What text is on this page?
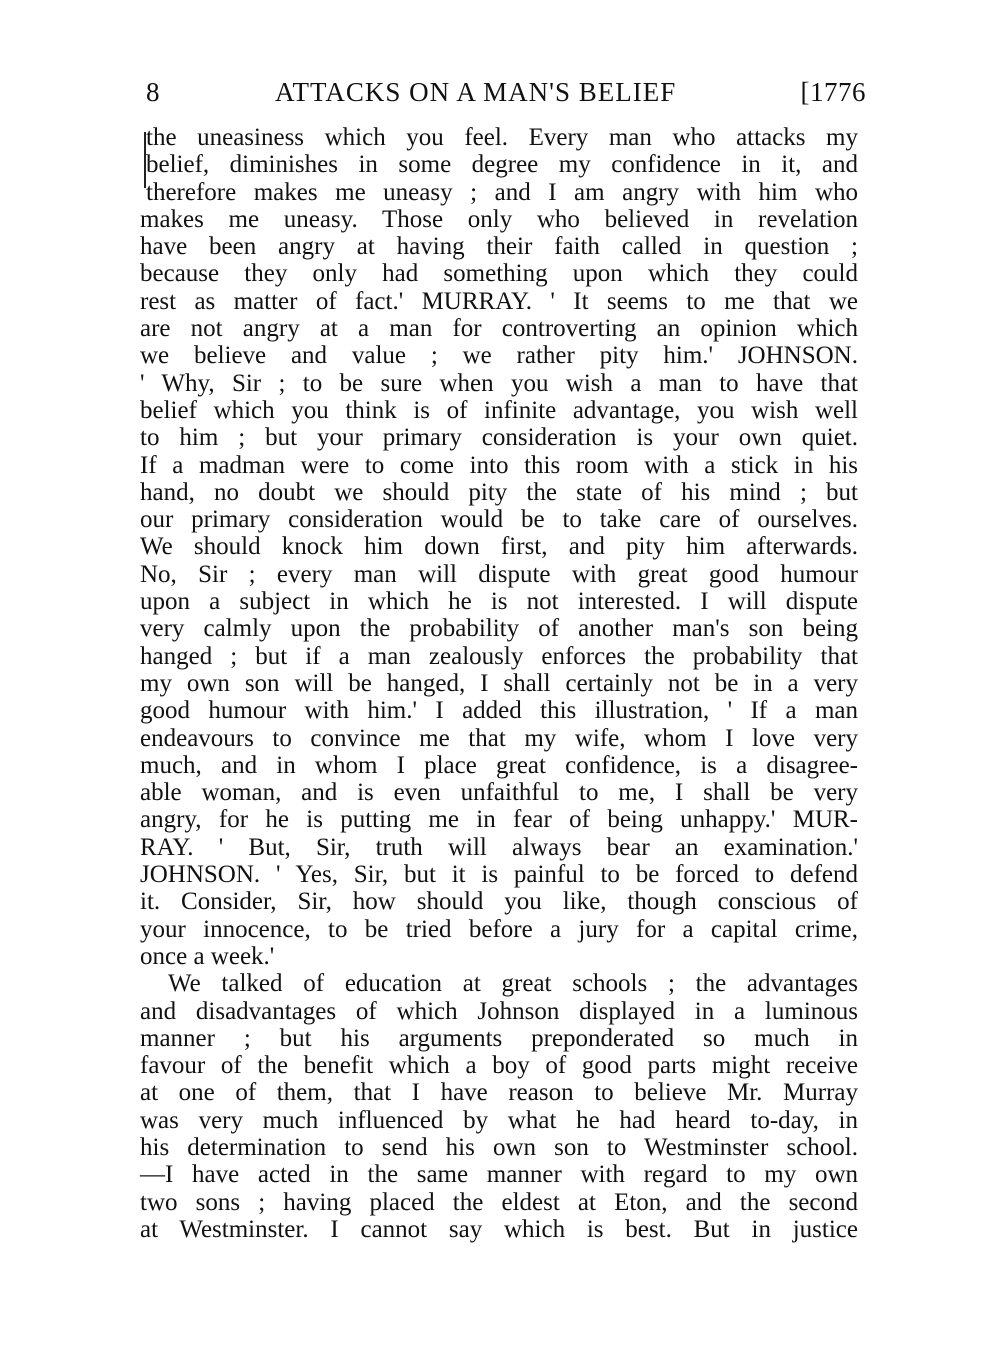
8	ATTACKS ON A MAN'S BELIEF	[1776
the uneasiness which you feel. Every man who attacks my
belief, diminishes in some degree my confidence in it, and
therefore makes me uneasy ; and I am angry with him who
makes me uneasy. Those only who believed in revelation
have been angry at having their faith called in question ;
because they only had something upon which they could
rest as matter of fact.' MURRAY. ' It seems to me that we
are not angry at a man for controverting an opinion which
we believe and value ; we rather pity him.' JOHNSON.
' Why, Sir ; to be sure when you wish a man to have that
belief which you think is of infinite advantage, you wish well
to him ; but your primary consideration is your own quiet.
If a madman were to come into this room with a stick in his
hand, no doubt we should pity the state of his mind ; but
our primary consideration would be to take care of ourselves.
We should knock him down first, and pity him afterwards.
No, Sir ; every man will dispute with great good humour
upon a subject in which he is not interested. I will dispute
very calmly upon the probability of another man's son being
hanged ; but if a man zealously enforces the probability that
my own son will be hanged, I shall certainly not be in a very
good humour with him.' I added this illustration, ' If a man
endeavours to convince me that my wife, whom I love very
much, and in whom I place great confidence, is a disagree-
able woman, and is even unfaithful to me, I shall be very
angry, for he is putting me in fear of being unhappy.' MUR-
RAY. ' But, Sir, truth will always bear an examination.'
JOHNSON. ' Yes, Sir, but it is painful to be forced to defend
it. Consider, Sir, how should you like, though conscious of
your innocence, to be tried before a jury for a capital crime,
once a week.'
We talked of education at great schools ; the advantages
and disadvantages of which Johnson displayed in a luminous
manner ; but his arguments preponderated so much in
favour of the benefit which a boy of good parts might receive
at one of them, that I have reason to believe Mr. Murray
was very much influenced by what he had heard to-day, in
his determination to send his own son to Westminster school.
—I have acted in the same manner with regard to my own
two sons ; having placed the eldest at Eton, and the second
at Westminster. I cannot say which is best. But in justice
